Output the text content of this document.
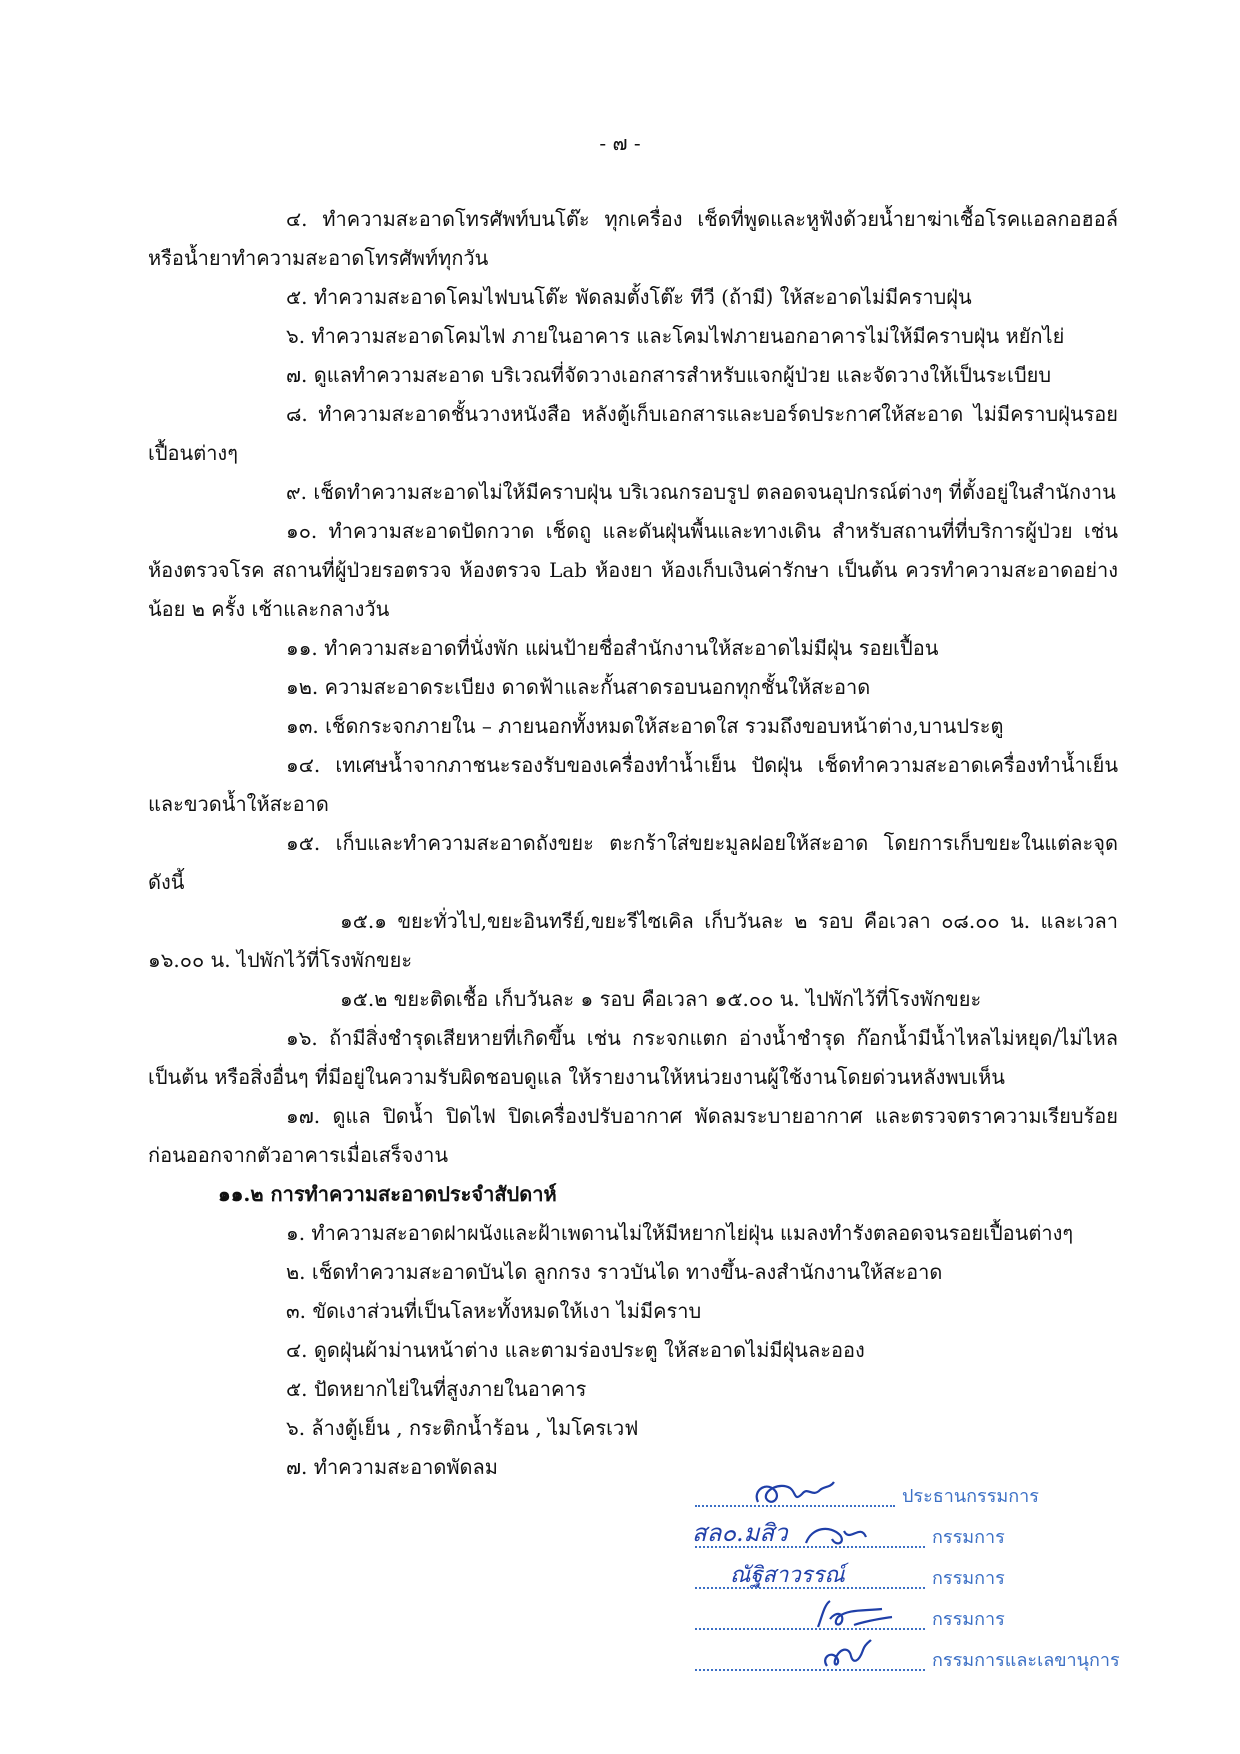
- ๗ -

๔. ทำความสะอาดโทรศัพท์บนโต๊ะ ทุกเครื่อง เช็ดที่พูดและหูฟังด้วยน้ำยาฆ่าเชื้อโรคแอลกอฮอล์ หรือน้ำยาทำความสะอาดโทรศัพท์ทุกวัน

๕. ทำความสะอาดโคมไฟบนโต๊ะ พัดลมตั้งโต๊ะ ทีวี (ถ้ามี) ให้สะอาดไม่มีคราบฝุ่น

๖. ทำความสะอาดโคมไฟ ภายในอาคาร และโคมไฟภายนอกอาคารไม่ให้มีคราบฝุ่น หยักไย่

๗. ดูแลทำความสะอาด บริเวณที่จัดวางเอกสารสำหรับแจกผู้ป่วย และจัดวางให้เป็นระเบียบ

๘. ทำความสะอาดชั้นวางหนังสือ หลังตู้เก็บเอกสารและบอร์ดประกาศให้สะอาด ไม่มีคราบฝุ่นรอยเปื้อนต่างๆ

๙. เช็ดทำความสะอาดไม่ให้มีคราบฝุ่น บริเวณกรอบรูป ตลอดจนอุปกรณ์ต่างๆ ที่ตั้งอยู่ในสำนักงาน

๑๐. ทำความสะอาดปัดกวาด เช็ดถู และดันฝุ่นพื้นและทางเดิน สำหรับสถานที่ที่บริการผู้ป่วย เช่น ห้องตรวจโรค สถานที่ผู้ป่วยรอตรวจ ห้องตรวจ Lab ห้องยา ห้องเก็บเงินค่ารักษา เป็นต้น ควรทำความสะอาดอย่างน้อย ๒ ครั้ง เช้าและกลางวัน

๑๑. ทำความสะอาดที่นั่งพัก แผ่นป้ายชื่อสำนักงานให้สะอาดไม่มีฝุ่น รอยเปื้อน

๑๒. ความสะอาดระเบียง ดาดฟ้าและกั้นสาดรอบนอกทุกชั้นให้สะอาด

๑๓. เช็ดกระจกภายใน – ภายนอกทั้งหมดให้สะอาดใส รวมถึงขอบหน้าต่าง,บานประตู

๑๔. เทเศษน้ำจากภาชนะรองรับของเครื่องทำน้ำเย็น ปัดฝุ่น เช็ดทำความสะอาดเครื่องทำน้ำเย็นและขวดน้ำให้สะอาด

๑๕. เก็บและทำความสะอาดถังขยะ ตะกร้าใส่ขยะมูลฝอยให้สะอาด โดยการเก็บขยะในแต่ละจุดดังนี้

๑๕.๑ ขยะทั่วไป,ขยะอินทรีย์,ขยะรีไซเคิล เก็บวันละ ๒ รอบ คือเวลา ๐๘.๐๐ น. และเวลา ๑๖.๐๐ น. ไปพักไว้ที่โรงพักขยะ

๑๕.๒ ขยะติดเชื้อ เก็บวันละ ๑ รอบ คือเวลา ๑๕.๐๐ น. ไปพักไว้ที่โรงพักขยะ

๑๖. ถ้ามีสิ่งชำรุดเสียหายที่เกิดขึ้น เช่น กระจกแตก อ่างน้ำชำรุด ก๊อกน้ำมีน้ำไหลไม่หยุด/ไม่ไหล เป็นต้น หรือสิ่งอื่นๆ ที่มีอยู่ในความรับผิดชอบดูแล ให้รายงานให้หน่วยงานผู้ใช้งานโดยด่วนหลังพบเห็น

๑๗. ดูแล ปิดน้ำ ปิดไฟ ปิดเครื่องปรับอากาศ พัดลมระบายอากาศ และตรวจตราความเรียบร้อยก่อนออกจากตัวอาคารเมื่อเสร็จงาน

๑๑.๒ การทำความสะอาดประจำสัปดาห์

๑. ทำความสะอาดฝาผนังและฝ้าเพดานไม่ให้มีหยากไย่ฝุ่น แมลงทำรังตลอดจนรอยเปื้อนต่างๆ

๒. เช็ดทำความสะอาดบันได ลูกกรง ราวบันได ทางขึ้น-ลงสำนักงานให้สะอาด

๓. ขัดเงาส่วนที่เป็นโลหะทั้งหมดให้เงา ไม่มีคราบ

๔. ดูดฝุ่นผ้าม่านหน้าต่าง และตามร่องประตู ให้สะอาดไม่มีฝุ่นละออง

๕. ปัดหยากไย่ในที่สูงภายในอาคาร

๖. ล้างตู้เย็น , กระติกน้ำร้อน , ไมโครเวฟ

๗. ทำความสะอาดพัดลม

ประธานกรรมการ
สล๐.มสิว	กรรมการ
ณัฐิสาวรรณ์	กรรมการ
กรรมการ
กรรมการและเลขานุการ
